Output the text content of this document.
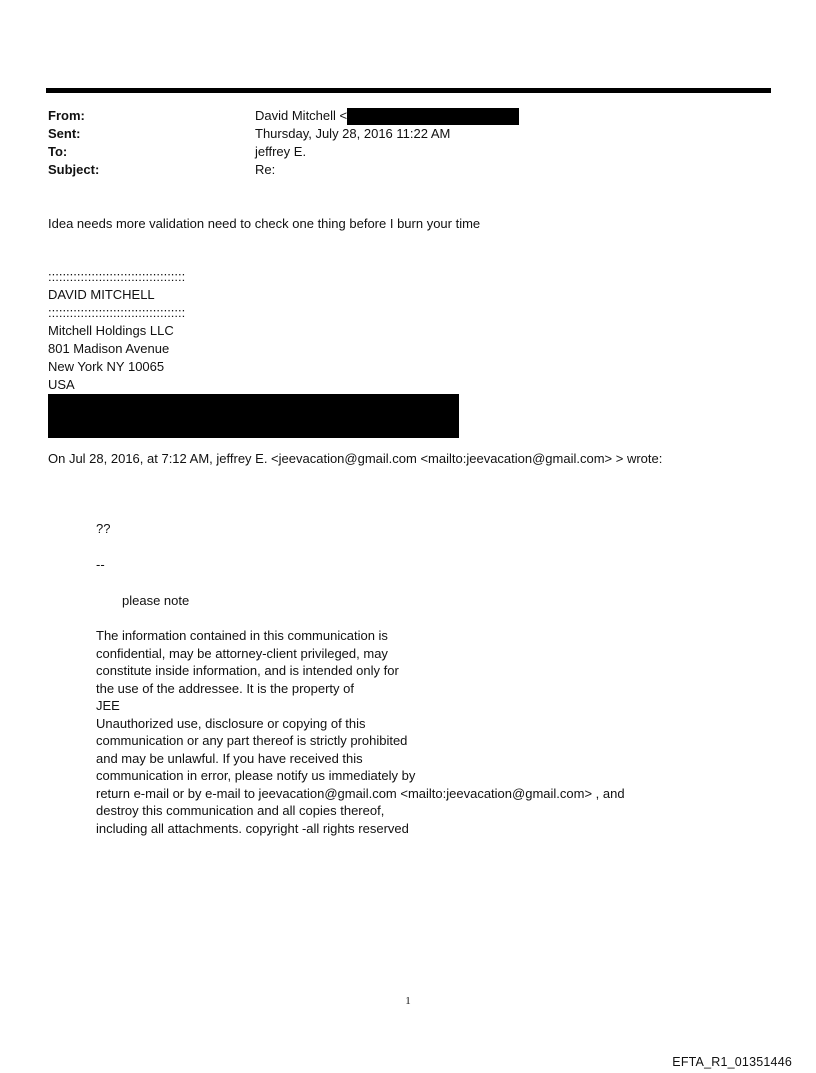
From:	David Mitchell <
Sent:	Thursday, July 28, 2016 11:22 AM
To:	jeffrey E.
Subject:	Re:
Idea needs more validation need to check one thing before I burn your time
::::::::::::::::::::::::::::::::::::::
DAVID MITCHELL
::::::::::::::::::::::::::::::::::::::
Mitchell Holdings LLC
801 Madison Avenue
New York NY 10065
USA
On Jul 28, 2016, at 7:12 AM, jeffrey E. <jeevacation@gmail.com <mailto:jeevacation@gmail.com> > wrote:
??
--
please note
The information contained in this communication is
confidential, may be attorney-client privileged, may
constitute inside information, and is intended only for
the use of the addressee. It is the property of
JEE
Unauthorized use, disclosure or copying of this
communication or any part thereof is strictly prohibited
and may be unlawful. If you have received this
communication in error, please notify us immediately by
return e-mail or by e-mail to jeevacation@gmail.com <mailto:jeevacation@gmail.com> , and
destroy this communication and all copies thereof,
including all attachments. copyright -all rights reserved
1
EFTA_R1_01351446
